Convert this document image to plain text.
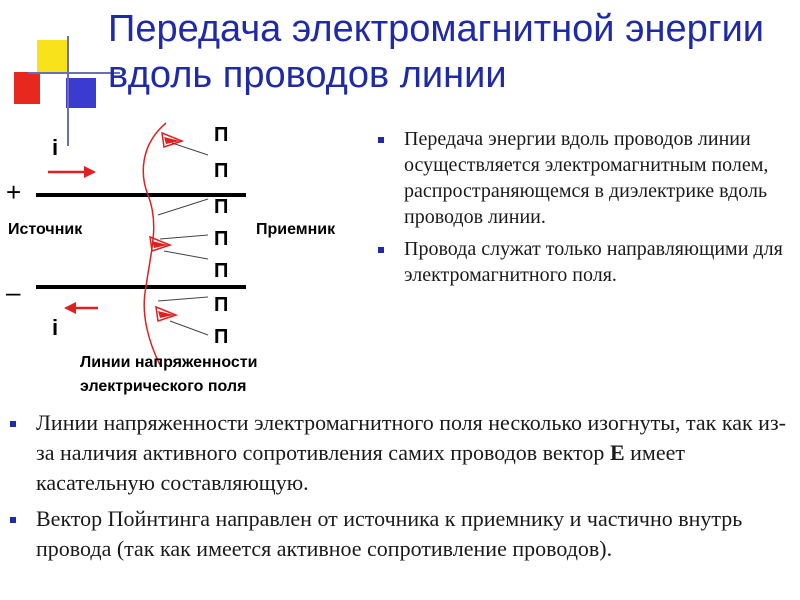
Передача электромагнитной энергии вдоль проводов линии
П
П
П
П
П
П
П
i
i
+
–
Источник	Приемник
Линии напряженности электрического поля
Передача энергии вдоль проводов линии осуществляется электромагнитным полем, распространяющемся в диэлектрике вдоль проводов линии.
Провода служат только направляющими для электромагнитного поля.
Линии напряженности электромагнитного поля несколько изогнуты, так как из-за наличия активного сопротивления самих проводов вектор Е имеет касательную составляющую.
Вектор Пойнтинга направлен от источника к приемнику и частично внутрь провода (так как имеется активное сопротивление проводов).
